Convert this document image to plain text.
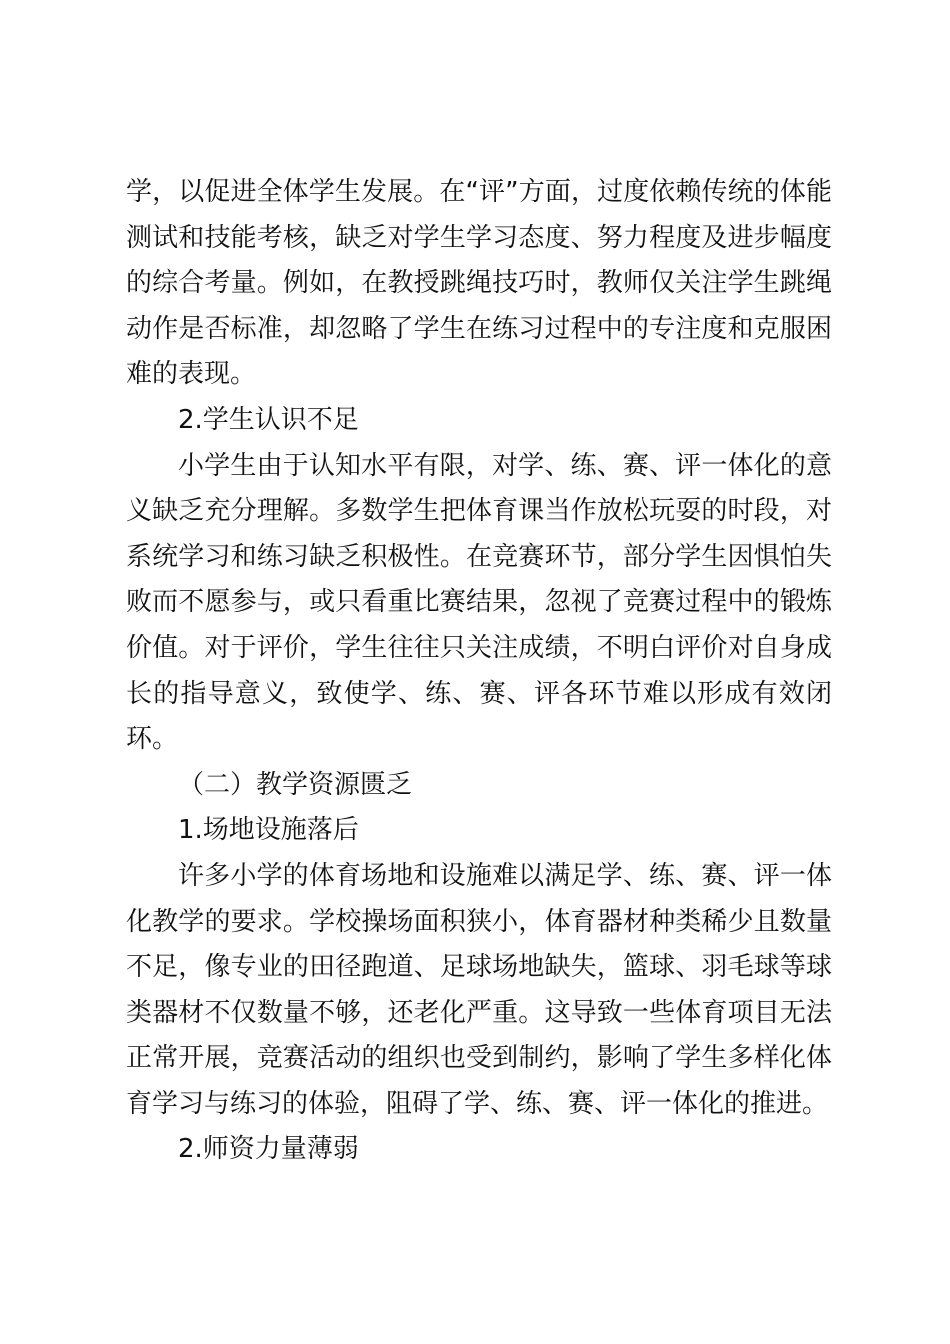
学，以促进全体学生发展。在“评”方面，过度依赖传统的体能测试和技能考核，缺乏对学生学习态度、努力程度及进步幅度的综合考量。例如，在教授跳绳技巧时，教师仅关注学生跳绳动作是否标准，却忽略了学生在练习过程中的专注度和克服困难的表现。

2.学生认识不足

小学生由于认知水平有限，对学、练、赛、评一体化的意义缺乏充分理解。多数学生把体育课当作放松玩耍的时段，对系统学习和练习缺乏积极性。在竞赛环节，部分学生因惧怕失败而不愿参与，或只看重比赛结果，忽视了竞赛过程中的锻炼价值。对于评价，学生往往只关注成绩，不明白评价对自身成长的指导意义，致使学、练、赛、评各环节难以形成有效闭环。

（二）教学资源匮乏

1.场地设施落后

许多小学的体育场地和设施难以满足学、练、赛、评一体化教学的要求。学校操场面积狭小，体育器材种类稀少且数量不足，像专业的田径跑道、足球场地缺失，篮球、羽毛球等球类器材不仅数量不够，还老化严重。这导致一些体育项目无法正常开展，竞赛活动的组织也受到制约，影响了学生多样化体育学习与练习的体验，阻碍了学、练、赛、评一体化的推进。

2.师资力量薄弱
